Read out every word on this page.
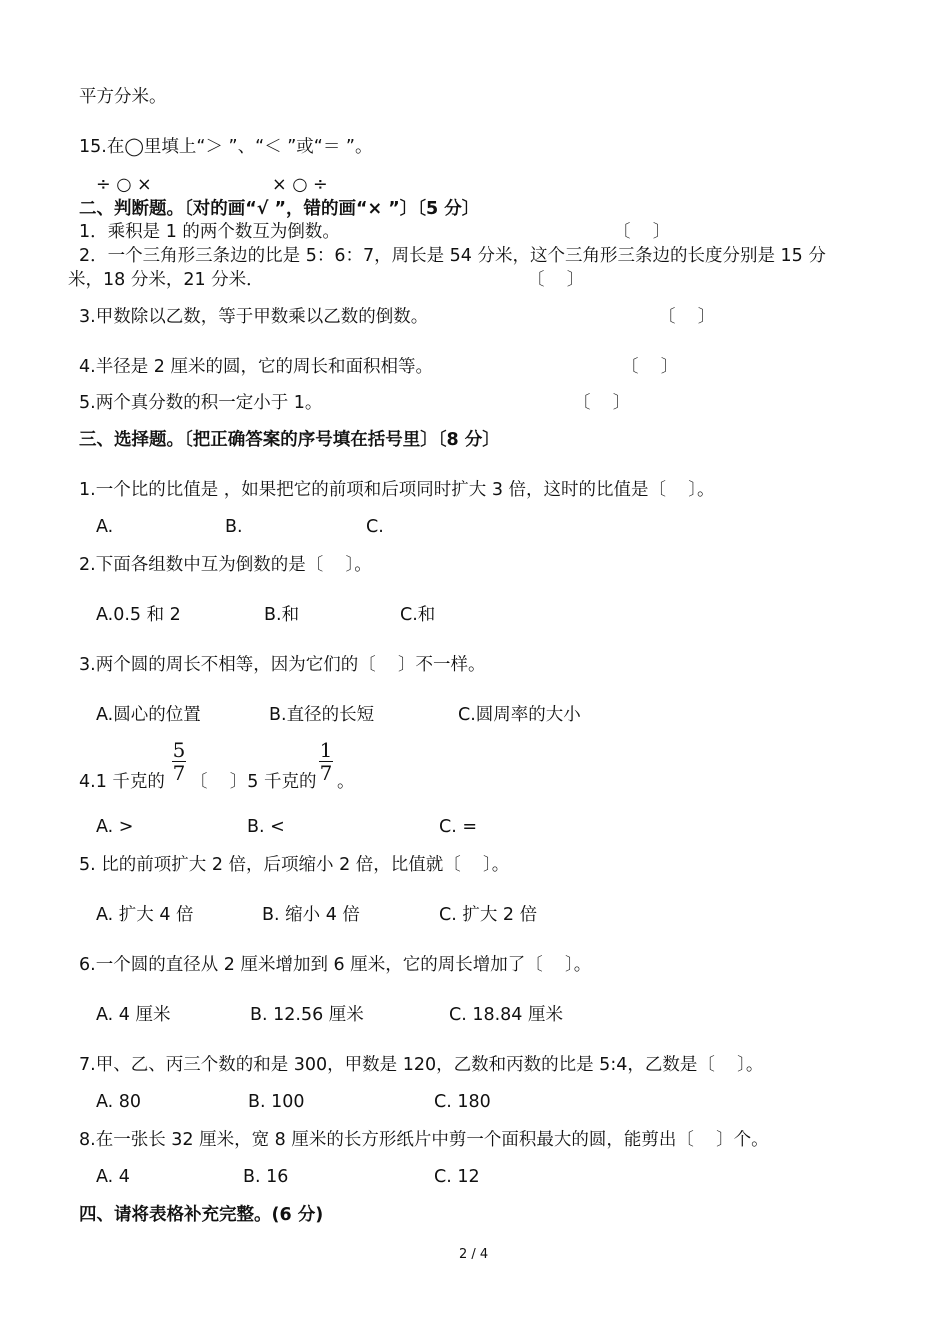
平方分米。
15.在◯里填上“＞ ”、“＜ ”或“＝ ”。
÷ ○ ×	× ○ ÷
二、判断题。〔对的画“√ ”，错的画“× ”〕〔5 分〕
1．乘积是 1 的两个数互为倒数。	〔    〕
2．一个三角形三条边的比是 5：6：7，周长是 54 分米，这个三角形三条边的长度分别是 15 分
米，18 分米，21 分米．	〔    〕
3.甲数除以乙数，等于甲数乘以乙数的倒数。	〔    〕
4.半径是 2 厘米的圆，它的周长和面积相等。	〔    〕
5.两个真分数的积一定小于 1。	〔    〕
三、选择题。〔把正确答案的序号填在括号里〕〔8 分〕
1.一个比的比值是 ，如果把它的前项和后项同时扩大 3 倍，这时的比值是〔    〕。
A.	B.	C.
2.下面各组数中互为倒数的是〔    〕。
A.0.5 和 2	B.和	C.和
3.两个圆的周长不相等，因为它们的〔    〕不一样。
A.圆心的位置	B.直径的长短	C.圆周率的大小
4.1 千克的
5
7 〔    〕5 千克的
1
7 。
A. >	B. <	C. =
5. 比的前项扩大 2 倍，后项缩小 2 倍，比值就〔    〕。
A. 扩大 4 倍	B. 缩小 4 倍	C. 扩大 2 倍
6.一个圆的直径从 2 厘米增加到 6 厘米，它的周长增加了〔    〕。
A. 4 厘米	B. 12.56 厘米	C. 18.84 厘米
7.甲、乙、丙三个数的和是 300，甲数是 120，乙数和丙数的比是 5:4，乙数是〔    〕。
A. 80	B. 100	C. 180
8.在一张长 32 厘米，宽 8 厘米的长方形纸片中剪一个面积最大的圆，能剪出〔    〕个。
A. 4	B. 16	C. 12
四、请将表格补充完整。(6 分)
2 / 4
